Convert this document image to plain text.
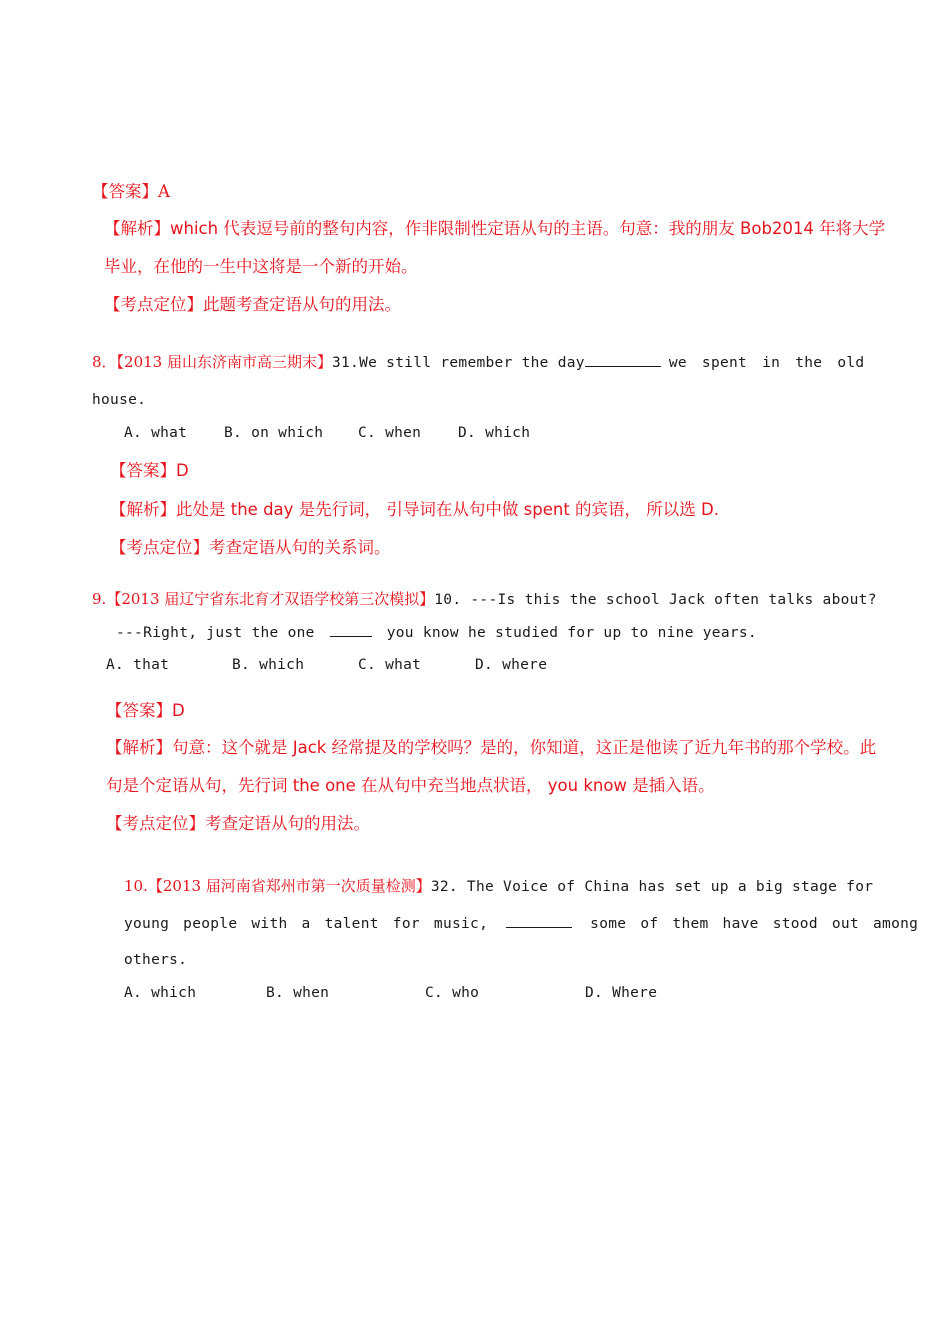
【答案】A
【解析】which 代表逗号前的整句内容，作非限制性定语从句的主语。句意：我的朋友 Bob2014 年将大学
毕业，在他的一生中这将是一个新的开始。
【考点定位】此题考查定语从句的用法。
8．【2013 届山东济南市高三期末】31.We still remember the day	we spent in the old
house.
A. what	B. on which C. when	D. which
【答案】D
【解析】此处是 the day 是先行词， 引导词在从句中做 spent 的宾语， 所以选 D.
【考点定位】考查定语从句的关系词。
9.【2013 届辽宁省东北育才双语学校第三次模拟】10. ---Is this the school Jack often talks about?
---Right, just the one	you know he studied for up to nine years.
A. that	B. which	C. what	D. where
【答案】D
【解析】句意：这个就是 Jack 经常提及的学校吗？是的，你知道，这正是他读了近九年书的那个学校。此
句是个定语从句，先行词 the one 在从句中充当地点状语， you know 是插入语。
【考点定位】考查定语从句的用法。
10.【2013 届河南省郑州市第一次质量检测】32. The Voice of China has set up a big stage for
young people with a talent for music,	some of them have stood out among
others.
A. which	B. when	C. who	D. Where
